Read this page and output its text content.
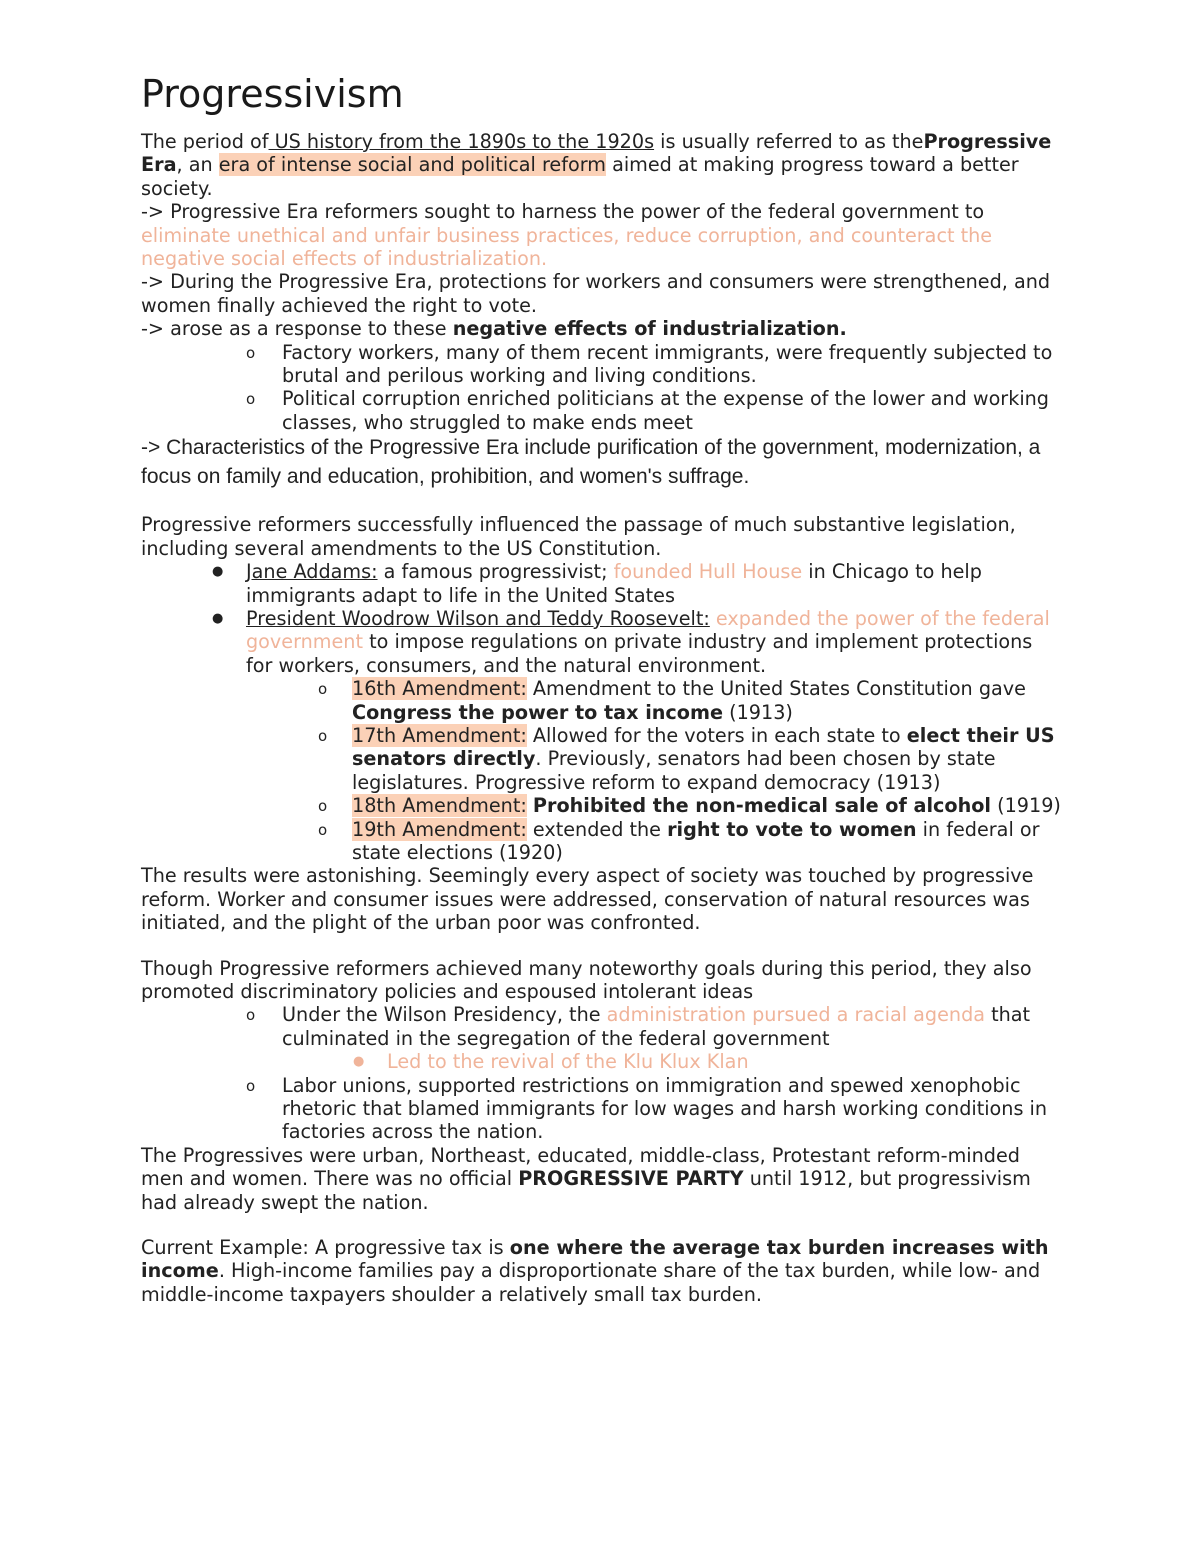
Progressivism

The period of US history from the 1890s to the 1920s is usually referred to as theProgressive Era, an era of intense social and political reform aimed at making progress toward a better society.

-> Progressive Era reformers sought to harness the power of the federal government to eliminate unethical and unfair business practices, reduce corruption, and counteract the negative social effects of industrialization.

-> During the Progressive Era, protections for workers and consumers were strengthened, and women finally achieved the right to vote.

-> arose as a response to these negative effects of industrialization.

o Factory workers, many of them recent immigrants, were frequently subjected to brutal and perilous working and living conditions.
o Political corruption enriched politicians at the expense of the lower and working classes, who struggled to make ends meet

-> Characteristics of the Progressive Era include purification of the government, modernization, a focus on family and education, prohibition, and women's suffrage.

Progressive reformers successfully influenced the passage of much substantive legislation, including several amendments to the US Constitution.

● Jane Addams: a famous progressivist; founded Hull House in Chicago to help immigrants adapt to life in the United States
● President Woodrow Wilson and Teddy Roosevelt: expanded the power of the federal government to impose regulations on private industry and implement protections for workers, consumers, and the natural environment.
o 16th Amendment: Amendment to the United States Constitution gave Congress the power to tax income (1913)
o 17th Amendment: Allowed for the voters in each state to elect their US senators directly. Previously, senators had been chosen by state legislatures. Progressive reform to expand democracy (1913)
o 18th Amendment: Prohibited the non-medical sale of alcohol (1919)
o 19th Amendment: extended the right to vote to women in federal or state elections (1920)

The results were astonishing. Seemingly every aspect of society was touched by progressive reform. Worker and consumer issues were addressed, conservation of natural resources was initiated, and the plight of the urban poor was confronted.

Though Progressive reformers achieved many noteworthy goals during this period, they also promoted discriminatory policies and espoused intolerant ideas

o Under the Wilson Presidency, the administration pursued a racial agenda that culminated in the segregation of the federal government
● Led to the revival of the Klu Klux Klan
o Labor unions, supported restrictions on immigration and spewed xenophobic rhetoric that blamed immigrants for low wages and harsh working conditions in factories across the nation.

The Progressives were urban, Northeast, educated, middle-class, Protestant reform-minded men and women. There was no official PROGRESSIVE PARTY until 1912, but progressivism had already swept the nation.

Current Example: A progressive tax is one where the average tax burden increases with income. High-income families pay a disproportionate share of the tax burden, while low- and middle-income taxpayers shoulder a relatively small tax burden.
